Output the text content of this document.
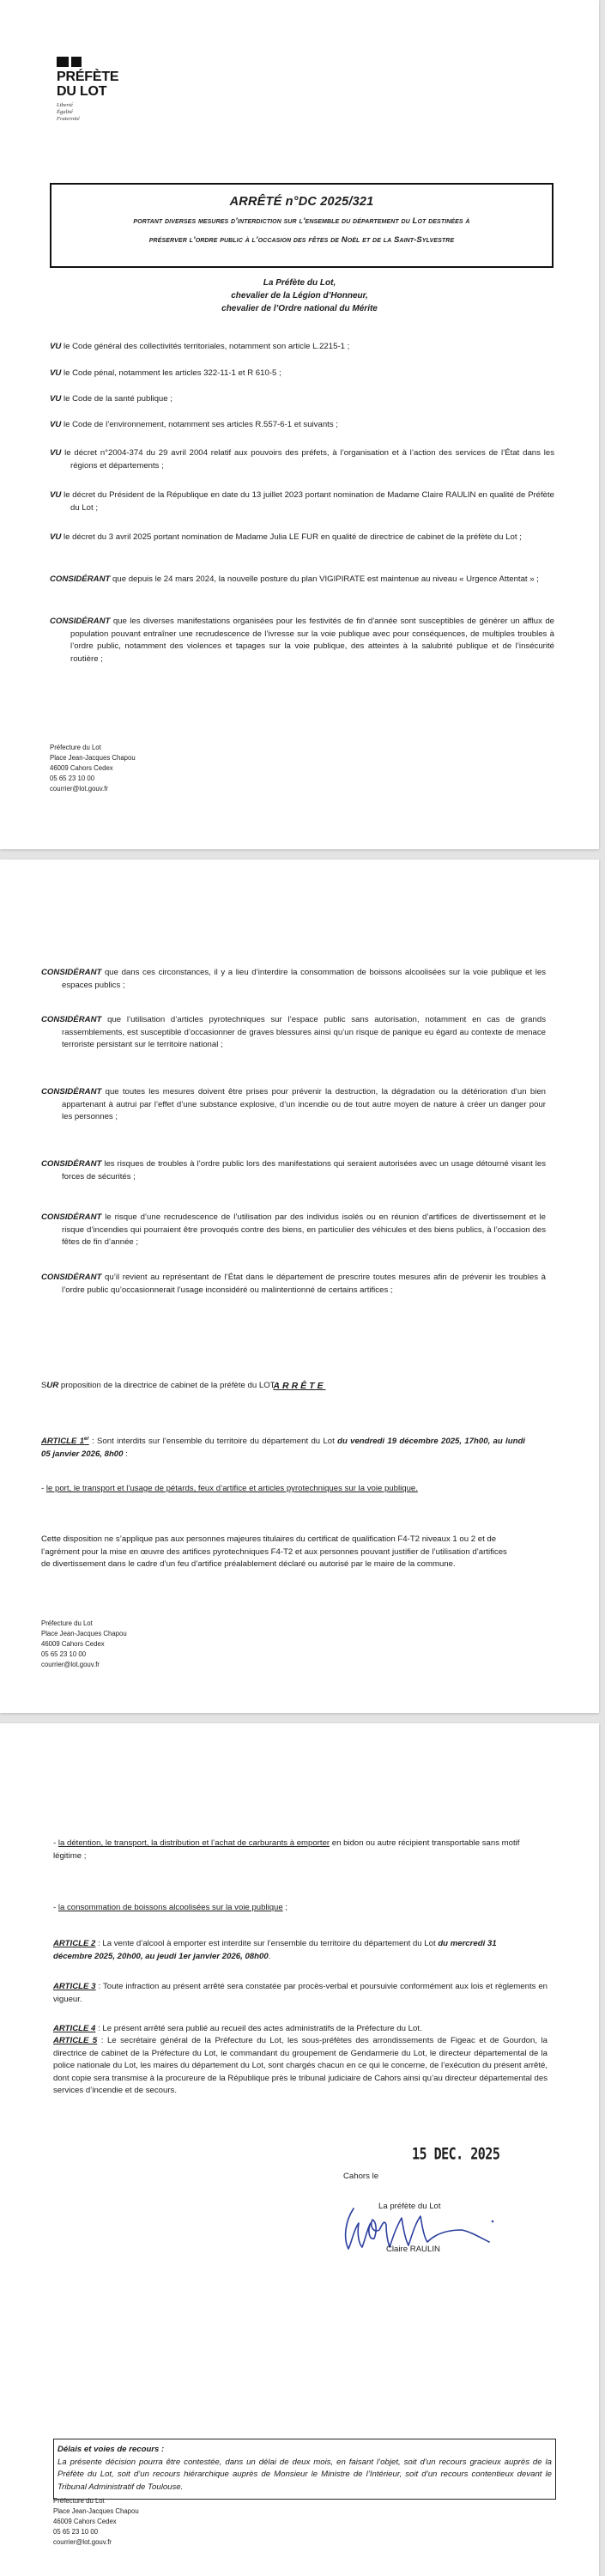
PRÉFÈTE
DU LOT
Liberté
Égalité
Fraternité
ARRÊTÉ n°DC 2025/321
portant diverses mesures d’interdiction sur l’ensemble du département du Lot destinées à
préserver l’ordre public à l’occasion des fêtes de Noël et de la Saint-Sylvestre
La Préfète du Lot,
chevalier de la Légion d’Honneur,
chevalier de l’Ordre national du Mérite
VU le Code général des collectivités territoriales, notamment son article L.2215-1 ;
VU le Code pénal, notamment les articles 322-11-1 et R 610-5 ;
VU le Code de la santé publique ;
VU le Code de l’environnement, notamment ses articles R.557-6-1 et suivants ;
VU le décret n°2004-374 du 29 avril 2004 relatif aux pouvoirs des préfets, à l’organisation et à l’action des services de l’État dans les régions et départements ;
VU le décret du Président de la République en date du 13 juillet 2023 portant nomination de Madame Claire RAULIN en qualité de Préfète du Lot ;
VU le décret du 3 avril 2025 portant nomination de Madame Julia LE FUR en qualité de directrice de cabinet de la préfète du Lot ;
CONSIDÉRANT que depuis le 24 mars 2024, la nouvelle posture du plan VIGIPIRATE est maintenue au niveau « Urgence Attentat » ;
CONSIDÉRANT que les diverses manifestations organisées pour les festivités de fin d’année sont susceptibles de générer un afflux de population pouvant entraîner une recrudescence de l’ivresse sur la voie publique avec pour conséquences, de multiples troubles à l’ordre public, notamment des violences et tapages sur la voie publique, des atteintes à la salubrité publique et de l’insécurité routière ;
Préfecture du Lot
Place Jean-Jacques Chapou
46009 Cahors Cedex
05 65 23 10 00
courrier@lot.gouv.fr
CONSIDÉRANT que dans ces circonstances, il y a lieu d’interdire la consommation de boissons alcoolisées sur la voie publique et les espaces publics ;
CONSIDÉRANT que l’utilisation d’articles pyrotechniques sur l’espace public sans autorisation, notamment en cas de grands rassemblements, est susceptible d’occasionner de graves blessures ainsi qu’un risque de panique eu égard au contexte de menace terroriste persistant sur le territoire national ;
CONSIDÉRANT que toutes les mesures doivent être prises pour prévenir la destruction, la dégradation ou la détérioration d’un bien appartenant à autrui par l’effet d’une substance explosive, d’un incendie ou de tout autre moyen de nature à créer un danger pour les personnes ;
CONSIDÉRANT les risques de troubles à l’ordre public lors des manifestations qui seraient autorisées avec un usage détourné visant les forces de sécurités ;
CONSIDÉRANT le risque d’une recrudescence de l’utilisation par des individus isolés ou en réunion d’artifices de divertissement et le risque d’incendies qui pourraient être provoqués contre des biens, en particulier des véhicules et des biens publics, à l’occasion des fêtes de fin d’année ;
CONSIDÉRANT qu’il revient au représentant de l’État dans le département de prescrire toutes mesures afin de prévenir les troubles à l’ordre public qu’occasionnerait l’usage inconsidéré ou malintentionné de certains artifices ;
SUR proposition de la directrice de cabinet de la préfète du LOT ;
ARRÊTE
ARTICLE 1er : Sont interdits sur l’ensemble du territoire du département du Lot du vendredi 19 décembre 2025, 17h00, au lundi 05 janvier 2026, 8h00 :
- le port, le transport et l’usage de pétards, feux d’artifice et articles pyrotechniques sur la voie publique.
Cette disposition ne s’applique pas aux personnes majeures titulaires du certificat de qualification F4-T2 niveaux 1 ou 2 et de l’agrément pour la mise en œuvre des artifices pyrotechniques F4-T2 et aux personnes pouvant justifier de l’utilisation d’artifices de divertissement dans le cadre d’un feu d’artifice préalablement déclaré ou autorisé par le maire de la commune.
Préfecture du Lot
Place Jean-Jacques Chapou
46009 Cahors Cedex
05 65 23 10 00
courrier@lot.gouv.fr
- la détention, le transport, la distribution et l’achat de carburants à emporter en bidon ou autre récipient transportable sans motif légitime ;
- la consommation de boissons alcoolisées sur la voie publique ;
ARTICLE 2 : La vente d’alcool à emporter est interdite sur l’ensemble du territoire du département du Lot du mercredi 31 décembre 2025, 20h00, au jeudi 1er janvier 2026, 08h00.
ARTICLE 3 : Toute infraction au présent arrêté sera constatée par procès-verbal et poursuivie conformément aux lois et règlements en vigueur.
ARTICLE 4 : Le présent arrêté sera publié au recueil des actes administratifs de la Préfecture du Lot.
ARTICLE 5 : Le secrétaire général de la Préfecture du Lot, les sous-préfètes des arrondissements de Figeac et de Gourdon, la directrice de cabinet de la Préfecture du Lot, le commandant du groupement de Gendarmerie du Lot, le directeur départemental de la police nationale du Lot, les maires du département du Lot, sont chargés chacun en ce qui le concerne, de l’exécution du présent arrêté, dont copie sera transmise à la procureure de la République près le tribunal judiciaire de Cahors ainsi qu’au directeur départemental des services d’incendie et de secours.
15 DEC. 2025
Cahors le
La préfète du Lot
Claire RAULIN
Délais et voies de recours :
La présente décision pourra être contestée, dans un délai de deux mois, en faisant l’objet, soit d’un recours gracieux auprès de la Préfète du Lot, soit d’un recours hiérarchique auprès de Monsieur le Ministre de l’Intérieur, soit d’un recours contentieux devant le Tribunal Administratif de Toulouse.
Préfecture du Lot
Place Jean-Jacques Chapou
46009 Cahors Cedex
05 65 23 10 00
courrier@lot.gouv.fr
